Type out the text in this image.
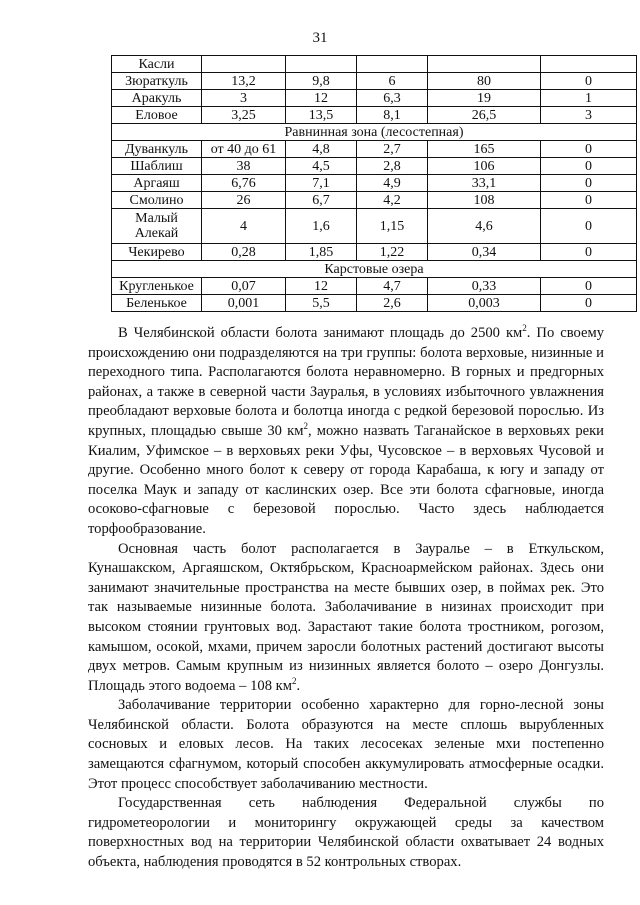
31
Касли					
Зюраткуль	13,2	9,8	6	80	0
Аракуль	3	12	6,3	19	1
Еловое	3,25	13,5	8,1	26,5	3
Равнинная зона (лесостепная)					
Дуванкуль	от 40 до 61	4,8	2,7	165	0
Шаблиш	38	4,5	2,8	106	0
Аргаяш	6,76	7,1	4,9	33,1	0
Смолино	26	6,7	4,2	108	0
Малый Алекай	4	1,6	1,15	4,6	0
Чекирево	0,28	1,85	1,22	0,34	0
Карстовые озера					
Кругленькое	0,07	12	4,7	0,33	0
Беленькое	0,001	5,5	2,6	0,003	0

В Челябинской области болота занимают площадь до 2500 $км^2$. По своему происхождению они подразделяются на три группы: болота верховые, низинные и переходного типа. Располагаются болота неравномерно. В горных и предгорных районах, а также в северной части Зауралья, в условиях избыточного увлажнения преобладают верховые болота и болотца иногда с редкой березовой порослью. Из крупных, площадью свыше 30 $км^2$, можно назвать Таганайское в верховьях реки Киалим, Уфимское – в верховьях реки Уфы, Чусовское – в верховьях Чусовой и другие. Особенно много болот к северу от города Карабаша, к югу и западу от поселка Маук и западу от каслинских озер. Все эти болота сфагновые, иногда осоково-сфагновые с березовой порослью. Часто здесь наблюдается торфообразование.

Основная часть болот располагается в Зауралье – в Еткульском, Кунашакском, Аргаяшском, Октябрьском, Красноармейском районах. Здесь они занимают значительные пространства на месте бывших озер, в поймах рек. Это так называемые низинные болота. Заболачивание в низинах происходит при высоком стоянии грунтовых вод. Зарастают такие болота тростником, рогозом, камышом, осокой, мхами, причем заросли болотных растений достигают высоты двух метров. Самым крупным из низинных является болото – озеро Донгузлы. Площадь этого водоема – 108 $км^2$.

Заболачивание территории особенно характерно для горно-лесной зоны Челябинской области. Болота образуются на месте сплошь вырубленных сосновых и еловых лесов. На таких лесосеках зеленые мхи постепенно замещаются сфагнумом, который способен аккумулировать атмосферные осадки. Этот процесс способствует заболачиванию местности.

Государственная сеть наблюдения Федеральной службы по гидрометеорологии и мониторингу окружающей среды за качеством поверхностных вод на территории Челябинской области охватывает 24 водных объекта, наблюдения проводятся в 52 контрольных створах.
